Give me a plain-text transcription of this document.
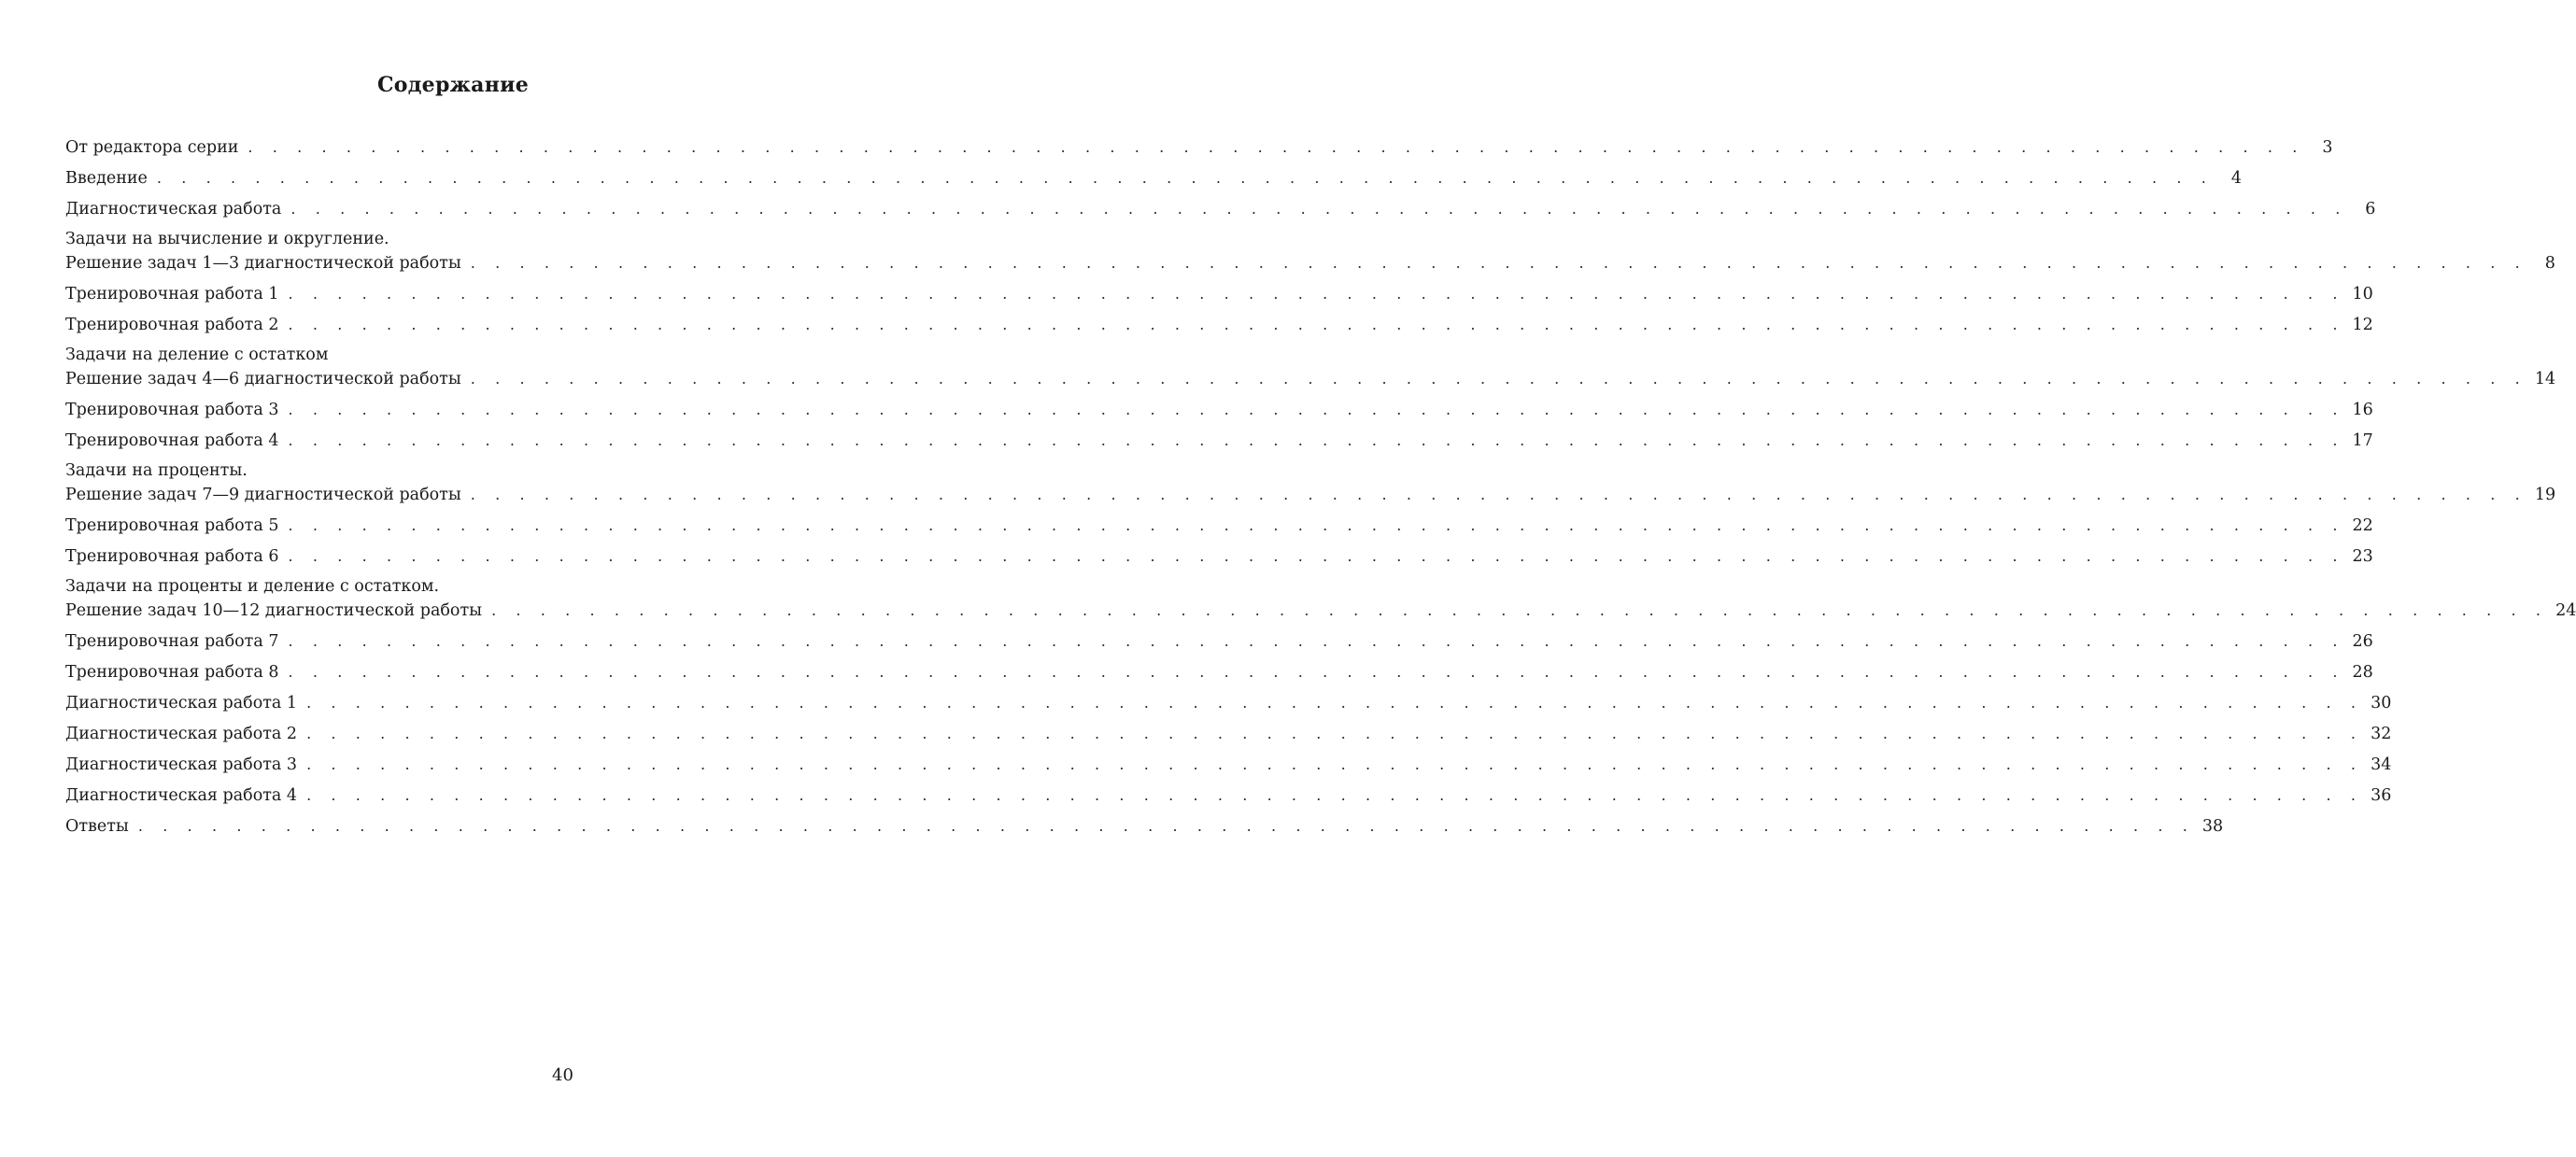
Содержание
От редактора серии . . . . . . . . . . . . . . . . . . . . . . . . . . . . . . . . . . . . . . . . . . . . . . . . . . . . . . . . . . . . . . . . . . . . . . . . . . . . . . . . . . . .	3
Введение . . . . . . . . . . . . . . . . . . . . . . . . . . . . . . . . . . . . . . . . . . . . . . . . . . . . . . . . . . . . . . . . . . . . . . . . . . . . . . . . . . . .	4
Диагностическая работа . . . . . . . . . . . . . . . . . . . . . . . . . . . . . . . . . . . . . . . . . . . . . . . . . . . . . . . . . . . . . . . . . . . . . . . . . . . . . . . . . . . .	6
Задачи на вычисление и округление.
Решение задач 1—3 диагностической работы . . . . . . . . . . . . . . . . . . . . . . . . . . . . . . . . . . . . . . . . . . . . . . . . . . . . . . . . . . . . . . . . . . . . . . . . . . . . . . . . . . . .	8
Тренировочная работа 1 . . . . . . . . . . . . . . . . . . . . . . . . . . . . . . . . . . . . . . . . . . . . . . . . . . . . . . . . . . . . . . . . . . . . . . . . . . . . . . . . . . . . 10
Тренировочная работа 2 . . . . . . . . . . . . . . . . . . . . . . . . . . . . . . . . . . . . . . . . . . . . . . . . . . . . . . . . . . . . . . . . . . . . . . . . . . . . . . . . . . . . 12
Задачи на деление с остатком
Решение задач 4—6 диагностической работы . . . . . . . . . . . . . . . . . . . . . . . . . . . . . . . . . . . . . . . . . . . . . . . . . . . . . . . . . . . . . . . . . . . . . . . . . . . . . . . . . . . . 14
Тренировочная работа 3 . . . . . . . . . . . . . . . . . . . . . . . . . . . . . . . . . . . . . . . . . . . . . . . . . . . . . . . . . . . . . . . . . . . . . . . . . . . . . . . . . . . . 16
Тренировочная работа 4 . . . . . . . . . . . . . . . . . . . . . . . . . . . . . . . . . . . . . . . . . . . . . . . . . . . . . . . . . . . . . . . . . . . . . . . . . . . . . . . . . . . . 17
Задачи на проценты.
Решение задач 7—9 диагностической работы . . . . . . . . . . . . . . . . . . . . . . . . . . . . . . . . . . . . . . . . . . . . . . . . . . . . . . . . . . . . . . . . . . . . . . . . . . . . . . . . . . . . 19
Тренировочная работа 5 . . . . . . . . . . . . . . . . . . . . . . . . . . . . . . . . . . . . . . . . . . . . . . . . . . . . . . . . . . . . . . . . . . . . . . . . . . . . . . . . . . . . 22
Тренировочная работа 6 . . . . . . . . . . . . . . . . . . . . . . . . . . . . . . . . . . . . . . . . . . . . . . . . . . . . . . . . . . . . . . . . . . . . . . . . . . . . . . . . . . . . 23
Задачи на проценты и деление с остатком.
Решение задач 10—12 диагностической работы . . . . . . . . . . . . . . . . . . . . . . . . . . . . . . . . . . . . . . . . . . . . . . . . . . . . . . . . . . . . . . . . . . . . . . . . . . . . . . . . . . . . 24
Тренировочная работа 7 . . . . . . . . . . . . . . . . . . . . . . . . . . . . . . . . . . . . . . . . . . . . . . . . . . . . . . . . . . . . . . . . . . . . . . . . . . . . . . . . . . . . 26
Тренировочная работа 8 . . . . . . . . . . . . . . . . . . . . . . . . . . . . . . . . . . . . . . . . . . . . . . . . . . . . . . . . . . . . . . . . . . . . . . . . . . . . . . . . . . . . 28
Диагностическая работа 1 . . . . . . . . . . . . . . . . . . . . . . . . . . . . . . . . . . . . . . . . . . . . . . . . . . . . . . . . . . . . . . . . . . . . . . . . . . . . . . . . . . . . 30
Диагностическая работа 2 . . . . . . . . . . . . . . . . . . . . . . . . . . . . . . . . . . . . . . . . . . . . . . . . . . . . . . . . . . . . . . . . . . . . . . . . . . . . . . . . . . . . 32
Диагностическая работа 3 . . . . . . . . . . . . . . . . . . . . . . . . . . . . . . . . . . . . . . . . . . . . . . . . . . . . . . . . . . . . . . . . . . . . . . . . . . . . . . . . . . . . 34
Диагностическая работа 4 . . . . . . . . . . . . . . . . . . . . . . . . . . . . . . . . . . . . . . . . . . . . . . . . . . . . . . . . . . . . . . . . . . . . . . . . . . . . . . . . . . . . 36
Ответы . . . . . . . . . . . . . . . . . . . . . . . . . . . . . . . . . . . . . . . . . . . . . . . . . . . . . . . . . . . . . . . . . . . . . . . . . . . . . . . . . . . . 38
40
